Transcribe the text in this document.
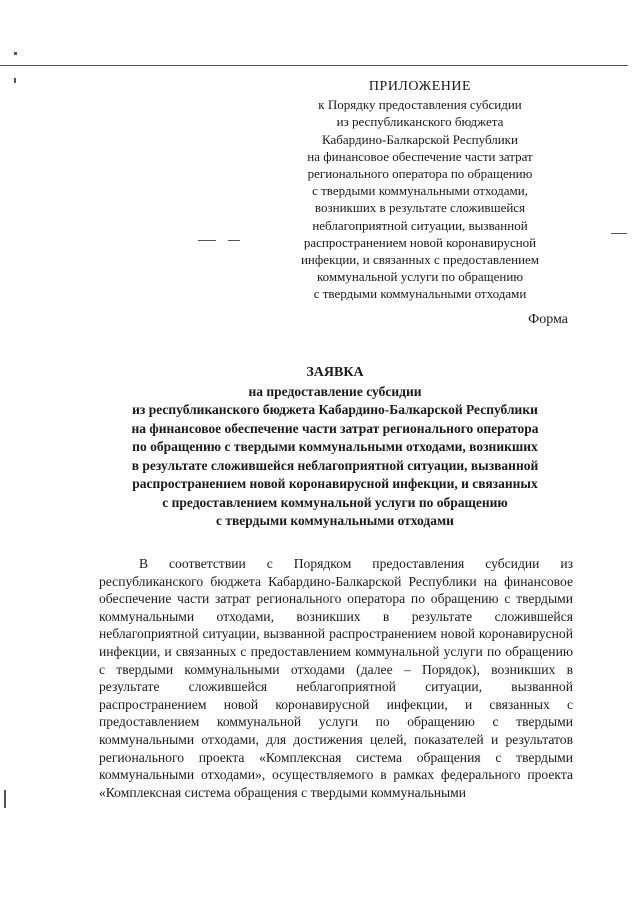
ПРИЛОЖЕНИЕ
к Порядку предоставления субсидии
из республиканского бюджета
Кабардино-Балкарской Республики
на финансовое обеспечение части затрат
регионального оператора по обращению
с твердыми коммунальными отходами,
возникших в результате сложившейся
неблагоприятной ситуации, вызванной
распространением новой коронавирусной
инфекции, и связанных с предоставлением
коммунальной услуги по обращению
с твердыми коммунальными отходами
Форма
ЗАЯВКА
на предоставление субсидии
из республиканского бюджета Кабардино-Балкарской Республики
на финансовое обеспечение части затрат регионального оператора
по обращению с твердыми коммунальными отходами, возникших
в результате сложившейся неблагоприятной ситуации, вызванной
распространением новой коронавирусной инфекции, и связанных
с предоставлением коммунальной услуги по обращению
с твердыми коммунальными отходами
В соответствии с Порядком предоставления субсидии из республиканского бюджета Кабардино-Балкарской Республики на финансовое обеспечение части затрат регионального оператора по обращению с твердыми коммунальными отходами, возникших в результате сложившейся неблагоприятной ситуации, вызванной распространением новой коронавирусной инфекции, и связанных с предоставлением коммунальной услуги по обращению с твердыми коммунальными отходами (далее – Порядок), возникших в результате сложившейся неблагоприятной ситуации, вызванной распространением новой коронавирусной инфекции, и связанных с предоставлением коммунальной услуги по обращению с твердыми коммунальными отходами, для достижения целей, показателей и результатов регионального проекта «Комплексная система обращения с твердыми коммунальными отходами», осуществляемого в рамках федерального проекта «Комплексная система обращения с твердыми коммунальными
